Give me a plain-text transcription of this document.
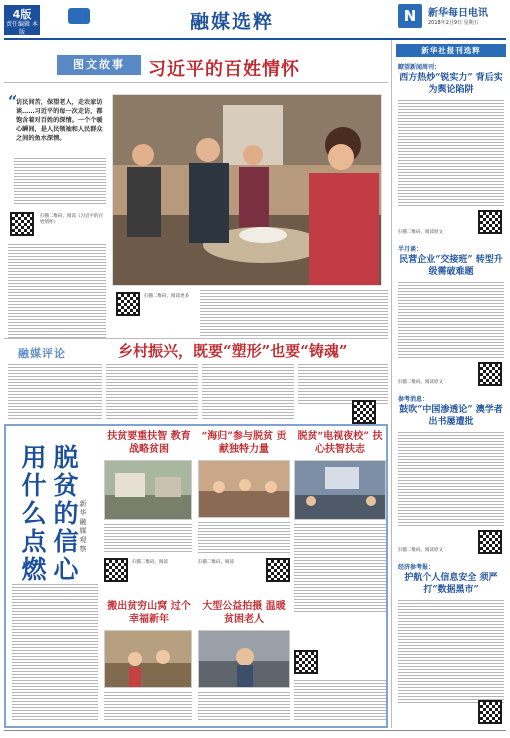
4版
责任编辑 本版	融媒选粹	N	新华每日电讯
2018年2月9日 星期五
图文故事	习近平的百姓情怀
“
访民间苦，保望老人，走农家访谈……习近平的每一次走访，都饱含着对百姓的深情。一个个暖心瞬间，是人民领袖和人民群众之间的鱼水深情。
扫描二维码，阅读《习近平的百姓情怀》
扫描二维码，阅读更多
融媒评论	乡村振兴，既要“塑形”也要“铸魂”
脱贫的信心
用什么点燃	新华融媒观察
扶贫要重扶智 教育战略贫困
扫描二维码，阅读
“海归”参与脱贫 贡献独特力量
扫描二维码，阅读
脱贫“电视夜校” 扶心扶智扶志
搬出贫穷山窝 过个幸福新年
大型公益拍摄 温暖贫困老人
新华社报刊选粹
瞭望新闻周刊：
西方热炒“锐实力” 背后实为舆论陷阱
扫描二维码，阅读原文
半月谈：
民营企业“交接班” 转型升级需破难题
扫描二维码，阅读原文
参考消息：
鼓吹“中国渗透论” 澳学者出书屡遭批
扫描二维码，阅读原文
经济参考报：
护航个人信息安全 须严打“数据黑市”
